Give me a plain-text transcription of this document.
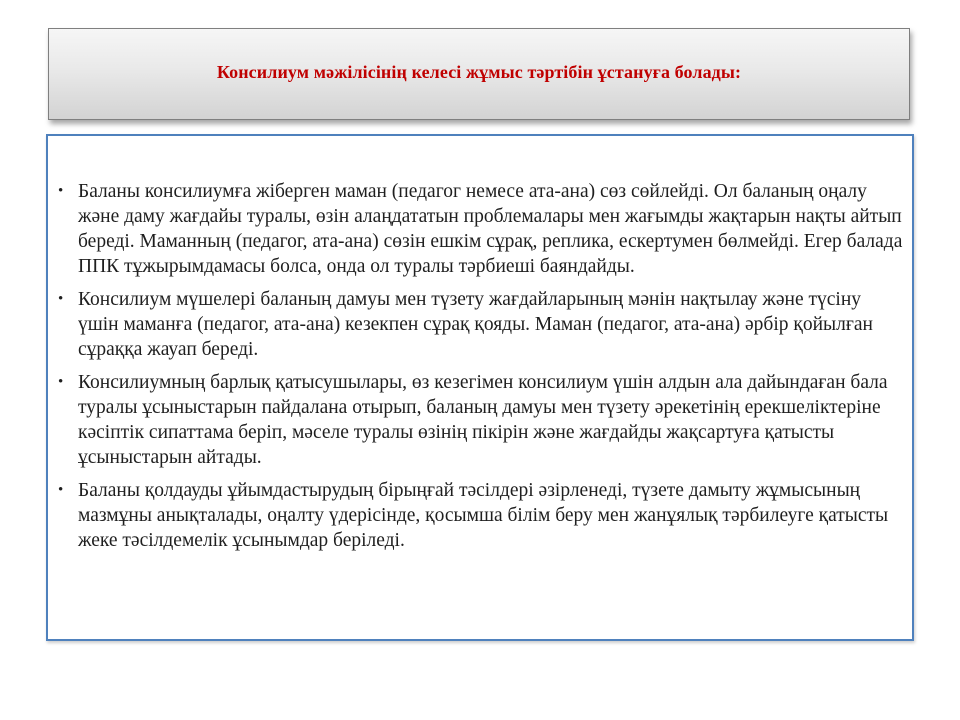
Консилиум мәжілісінің келесі жұмыс тәртібін ұстануға болады:
• Баланы консилиумға жіберген маман (педагог немесе ата-ана) сөз сөйлейді. Ол баланың оңалу және даму жағдайы туралы, өзін алаңдататын проблемалары мен жағымды жақтарын нақты айтып береді. Маманның (педагог, ата-ана) сөзін ешкім сұрақ, реплика, ескертумен бөлмейді. Егер балада ППК тұжырымдамасы болса, онда ол туралы тәрбиеші баяндайды.
• Консилиум мүшелері баланың дамуы мен түзету жағдайларының мәнін нақтылау және түсіну үшін маманға (педагог, ата-ана) кезекпен сұрақ қояды. Маман (педагог, ата-ана) әрбір қойылған сұраққа жауап береді.
• Консилиумның барлық қатысушылары, өз кезегімен консилиум үшін алдын ала дайындаған бала туралы ұсыныстарын пайдалана отырып, баланың дамуы мен түзету әрекетінің ерекшеліктеріне кәсіптік сипаттама беріп, мәселе туралы өзінің пікірін және жағдайды жақсартуға қатысты ұсыныстарын айтады.
• Баланы қолдауды ұйымдастырудың бірыңғай тәсілдері әзірленеді, түзете дамыту жұмысының мазмұны анықталады, оңалту үдерісінде, қосымша білім беру мен жанұялық тәрбилеуге қатысты жеке тәсілдемелік ұсынымдар беріледі.
